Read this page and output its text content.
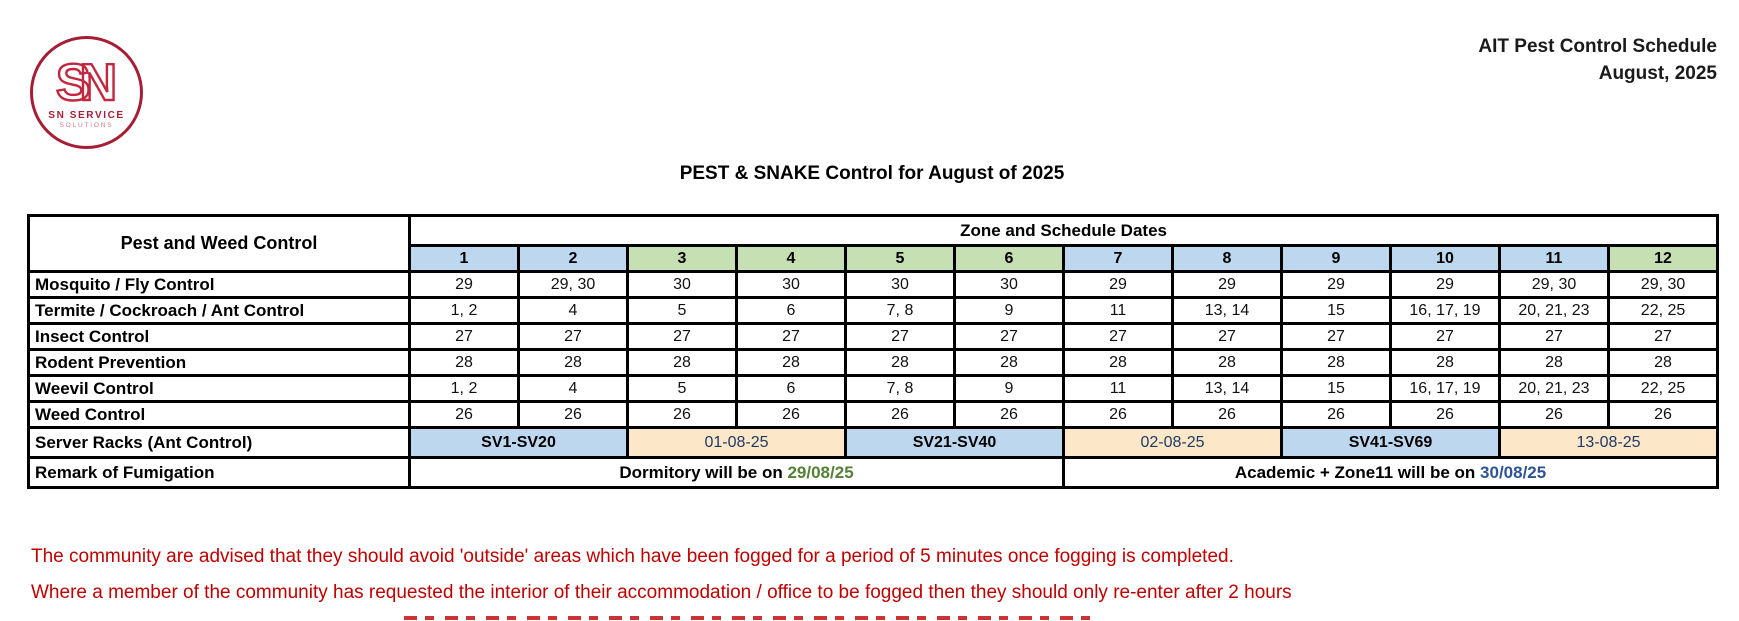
SN
SN SERVICE
SOLUTIONS
AIT Pest Control Schedule
August, 2025
PEST & SNAKE Control for August of 2025
Pest and Weed Control	Zone and Schedule Dates											
	1	2	3	4	5	6	7	8	9	10	11	12
Mosquito / Fly Control	29	29, 30	30	30	30	30	29	29	29	29	29, 30	29, 30
Termite / Cockroach / Ant Control	1, 2	4	5	6	7, 8	9	11	13, 14	15	16, 17, 19	20, 21, 23	22, 25
Insect Control	27	27	27	27	27	27	27	27	27	27	27	27
Rodent Prevention	28	28	28	28	28	28	28	28	28	28	28	28
Weevil Control	1, 2	4	5	6	7, 8	9	11	13, 14	15	16, 17, 19	20, 21, 23	22, 25
Weed Control	26	26	26	26	26	26	26	26	26	26	26	26
Server Racks (Ant Control)	SV1-SV20		01-08-25		SV21-SV40		02-08-25		SV41-SV69		13-08-25	
Remark of Fumigation	Dormitory will be on 29/08/25						Academic + Zone11 will be on 30/08/25					
The community are advised that they should avoid 'outside' areas which have been fogged for a period of 5 minutes once fogging is completed.
Where a member of the community has requested the interior of their accommodation / office to be fogged then they should only re-enter after 2 hours
